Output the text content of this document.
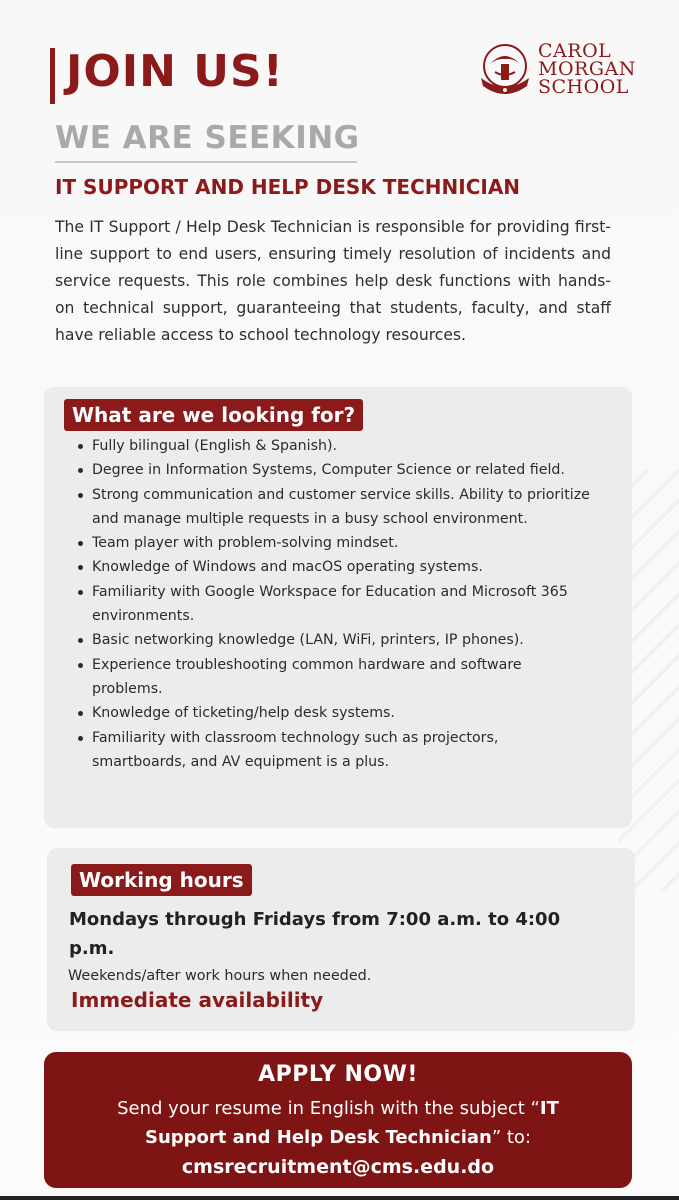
JOIN US!	CAROL
MORGAN
SCHOOL
WE ARE SEEKING
IT SUPPORT AND HELP DESK TECHNICIAN

The IT Support / Help Desk Technician is responsible for providing first-line support to end users, ensuring timely resolution of incidents and service requests. This role combines help desk functions with hands-on technical support, guaranteeing that students, faculty, and staff have reliable access to school technology resources.

What are we looking for?
Fully bilingual (English & Spanish).
Degree in Information Systems, Computer Science or related field.
Strong communication and customer service skills. Ability to prioritize and manage multiple requests in a busy school environment.
Team player with problem-solving mindset.
Knowledge of Windows and macOS operating systems.
Familiarity with Google Workspace for Education and Microsoft 365 environments.
Basic networking knowledge (LAN, WiFi, printers, IP phones).
Experience troubleshooting common hardware and software problems.
Knowledge of ticketing/help desk systems.
Familiarity with classroom technology such as projectors, smartboards, and AV equipment is a plus.
Working hours
Mondays through Fridays from 7:00 a.m. to 4:00 p.m.
Weekends/after work hours when needed.
Immediate availability
APPLY NOW!
Send your resume in English with the subject “IT Support and Help Desk Technician” to:
cmsrecruitment@cms.edu.do
